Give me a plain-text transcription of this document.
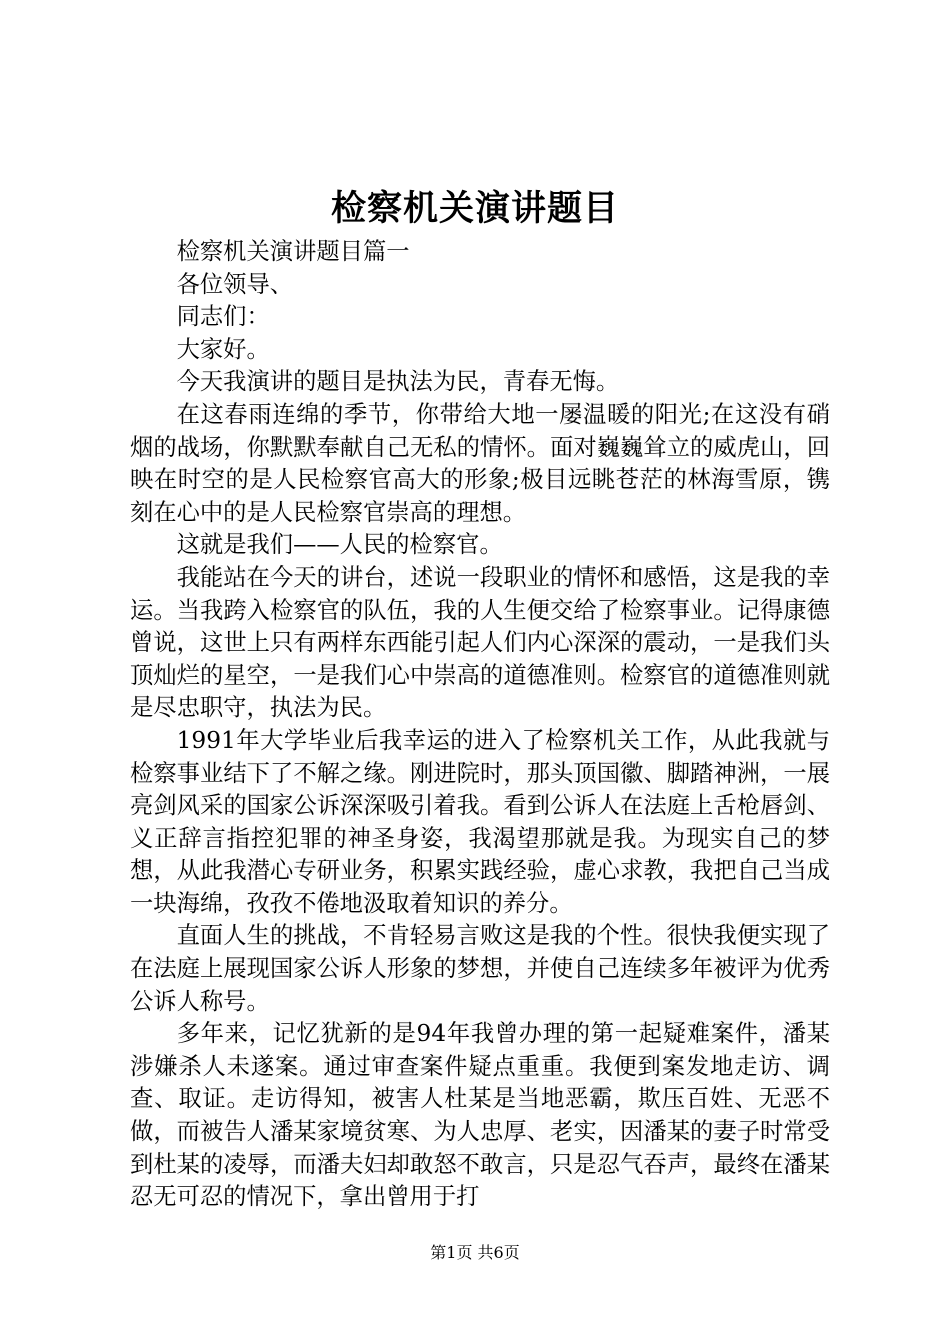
检察机关演讲题目

检察机关演讲题目篇一

各位领导、

同志们：

大家好。

今天我演讲的题目是执法为民，青春无悔。

在这春雨连绵的季节，你带给大地一屡温暖的阳光;在这没有硝烟的战场，你默默奉献自己无私的情怀。面对巍巍耸立的威虎山，回映在时空的是人民检察官高大的形象;极目远眺苍茫的林海雪原，镌刻在心中的是人民检察官崇高的理想。

这就是我们——人民的检察官。

我能站在今天的讲台，述说一段职业的情怀和感悟，这是我的幸运。当我跨入检察官的队伍，我的人生便交给了检察事业。记得康德曾说，这世上只有两样东西能引起人们内心深深的震动，一是我们头顶灿烂的星空，一是我们心中崇高的道德准则。检察官的道德准则就是尽忠职守，执法为民。

1991年大学毕业后我幸运的进入了检察机关工作，从此我就与检察事业结下了不解之缘。刚进院时，那头顶国徽、脚踏神洲，一展亮剑风采的国家公诉深深吸引着我。看到公诉人在法庭上舌枪唇剑、义正辞言指控犯罪的神圣身姿，我渴望那就是我。为现实自己的梦想，从此我潜心专研业务，积累实践经验，虚心求教，我把自己当成一块海绵，孜孜不倦地汲取着知识的养分。

直面人生的挑战，不肯轻易言败这是我的个性。很快我便实现了在法庭上展现国家公诉人形象的梦想，并使自己连续多年被评为优秀公诉人称号。

多年来，记忆犹新的是94年我曾办理的第一起疑难案件，潘某涉嫌杀人未遂案。通过审查案件疑点重重。我便到案发地走访、调查、取证。走访得知，被害人杜某是当地恶霸，欺压百姓、无恶不做，而被告人潘某家境贫寒、为人忠厚、老实，因潘某的妻子时常受到杜某的凌辱，而潘夫妇却敢怒不敢言，只是忍气吞声，最终在潘某忍无可忍的情况下，拿出曾用于打

第1页 共6页
